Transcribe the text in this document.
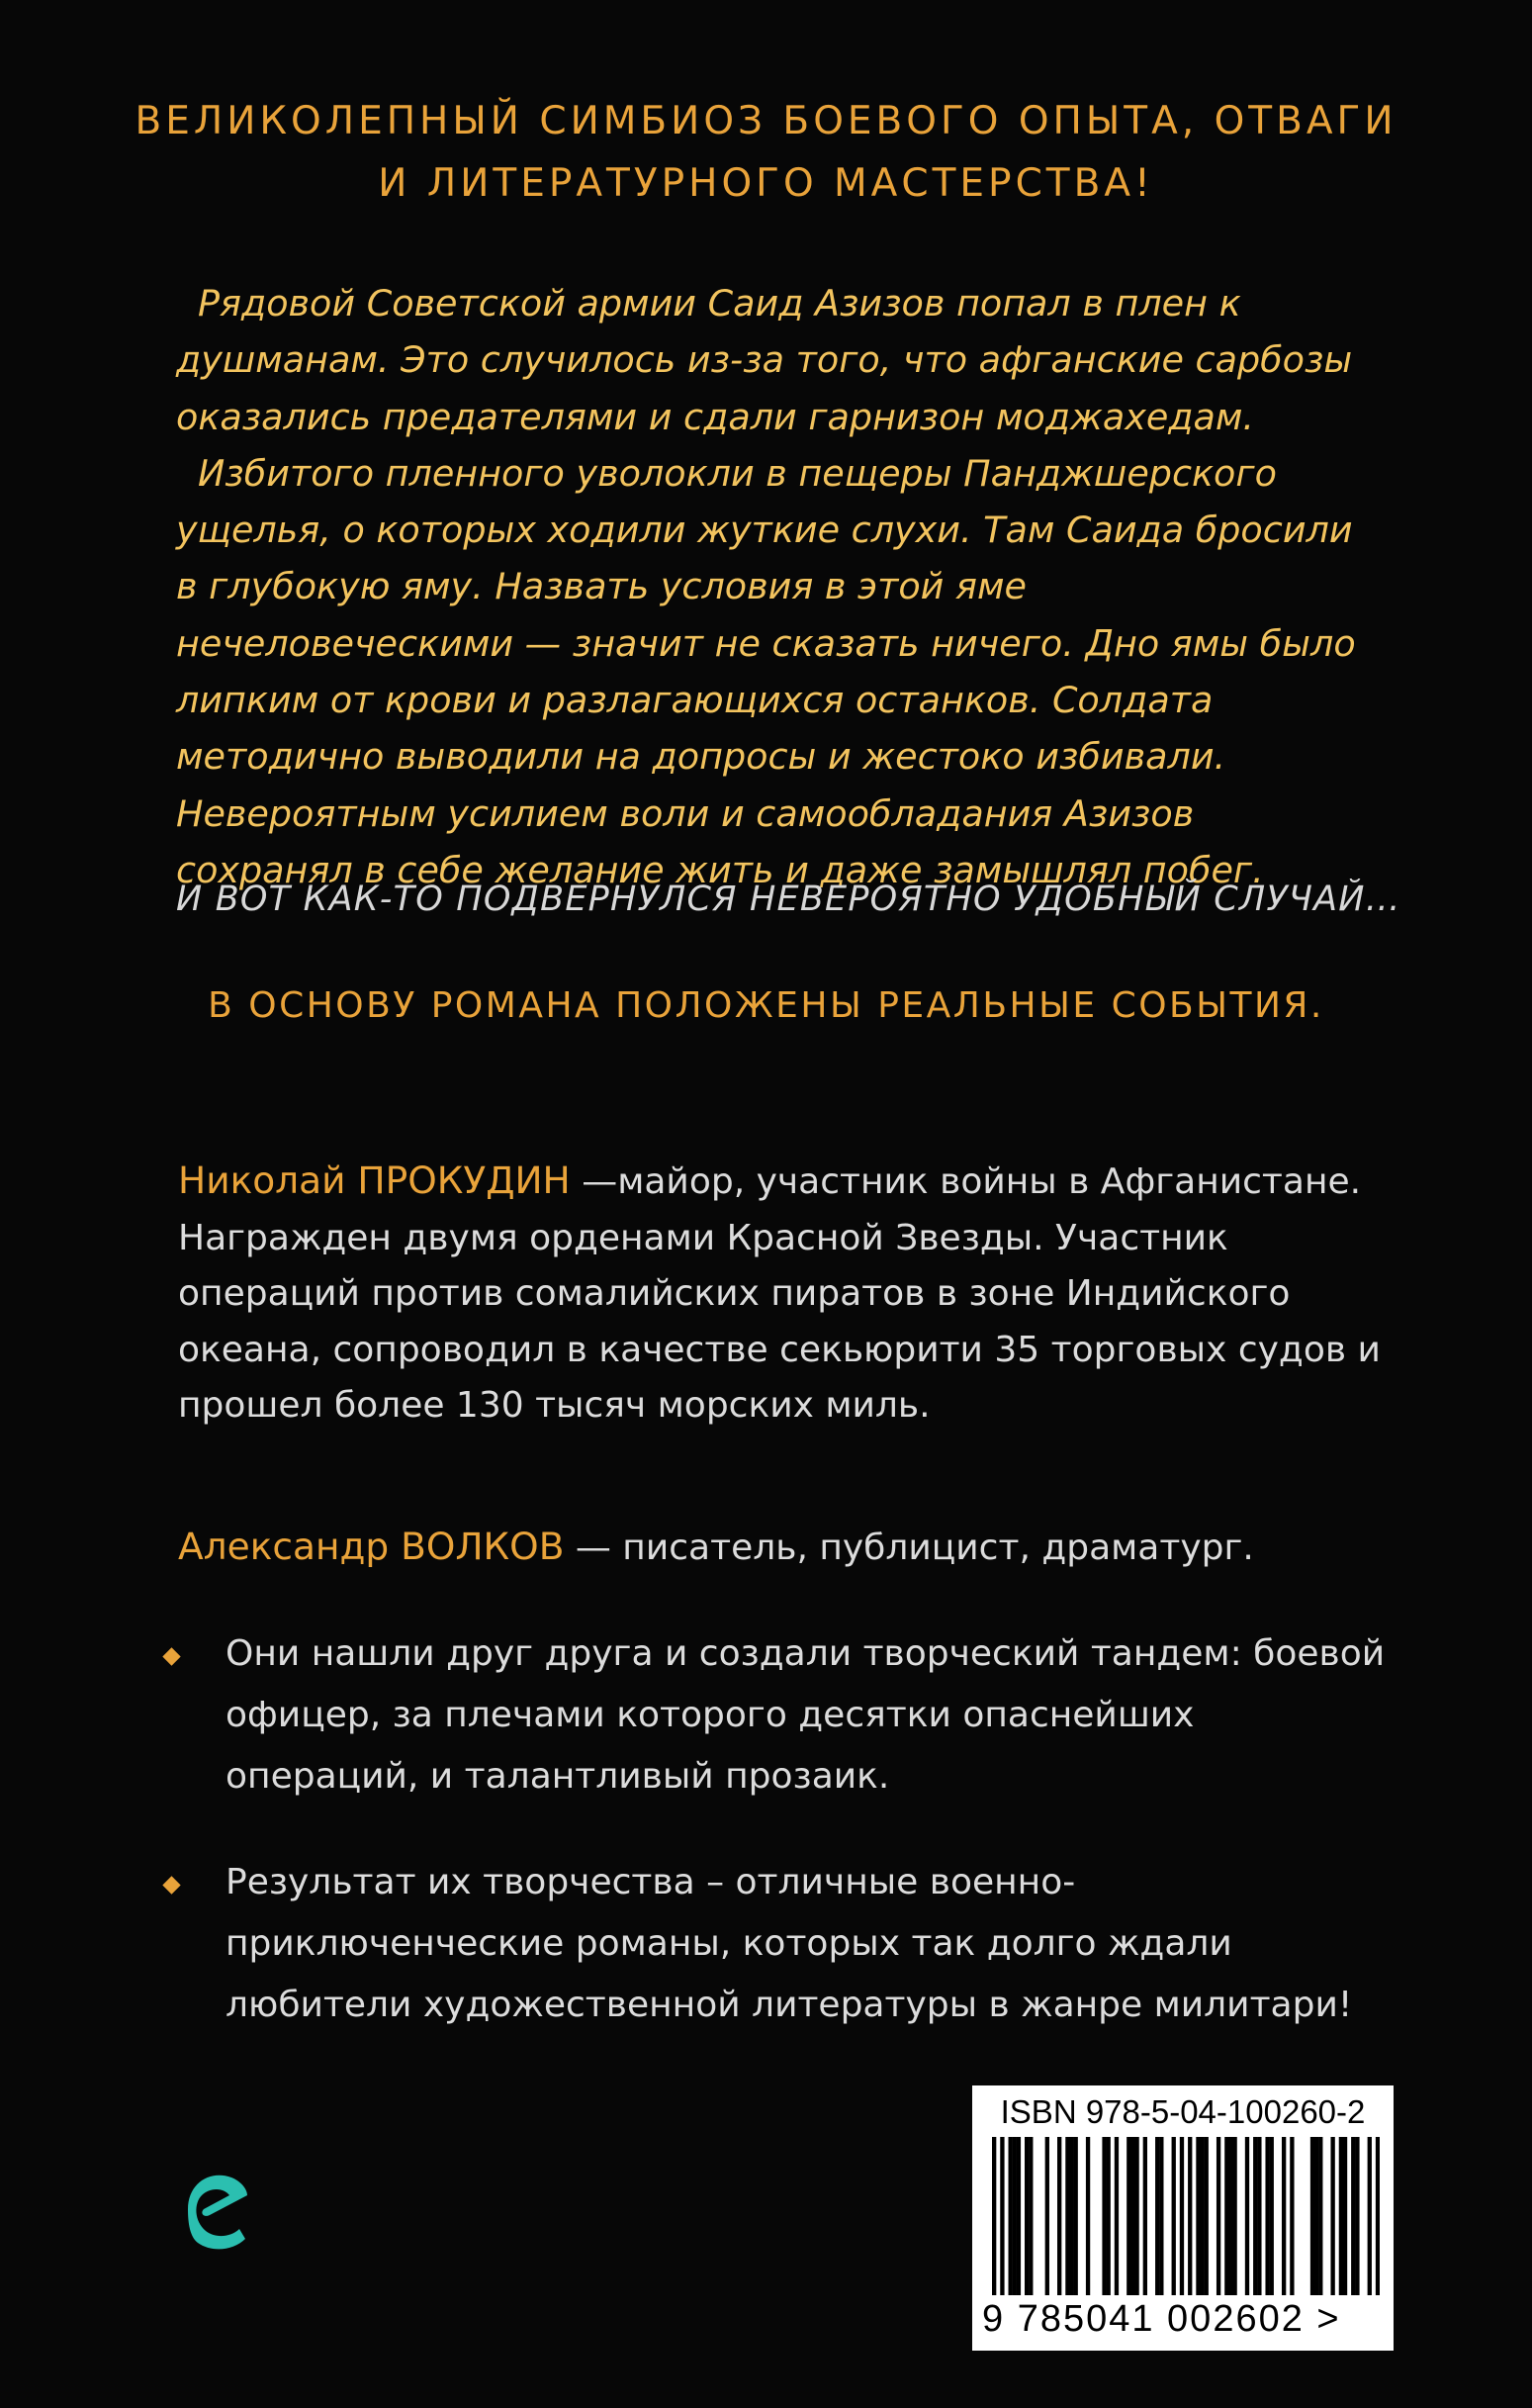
ВЕЛИКОЛЕПНЫЙ СИМБИОЗ БОЕВОГО ОПЫТА, ОТВАГИ
И ЛИТЕРАТУРНОГО МАСТЕРСТВА!

Рядовой Советской армии Саид Азизов попал в плен к душманам. Это случилось из-за того, что афганские сарбозы оказались предателями и сдали гарнизон моджахедам.

Избитого пленного уволокли в пещеры Панджшерского ущелья, о которых ходили жуткие слухи. Там Саида бросили в глубокую яму. Назвать условия в этой яме нечеловеческими — значит не сказать ничего. Дно ямы было липким от крови и разлагающихся останков. Солдата методично выводили на допросы и жестоко избивали. Невероятным усилием воли и самообладания Азизов сохранял в себе желание жить и даже замышлял побег.

И ВОТ КАК-ТО ПОДВЕРНУЛСЯ НЕВЕРОЯТНО УДОБНЫЙ СЛУЧАЙ…

В ОСНОВУ РОМАНА ПОЛОЖЕНЫ РЕАЛЬНЫЕ СОБЫТИЯ.

Николай ПРОКУДИН —майор, участник войны в Афганистане. Награжден двумя орденами Красной Звезды. Участник операций против сомалийских пиратов в зоне Индийского океана, сопроводил в качестве секьюрити 35 торговых судов и прошел более 130 тысяч морских миль.

Александр ВОЛКОВ — писатель, публицист, драматург.

Они нашли друг друга и создали творческий тандем: боевой офицер, за плечами которого десятки опаснейших операций, и талантливый прозаик.

Результат их творчества – отличные военно-приключенческие романы, которых так долго ждали любители художественной литературы в жанре милитари!

ISBN 978-5-04-100260-2
9 785041 002602 >
